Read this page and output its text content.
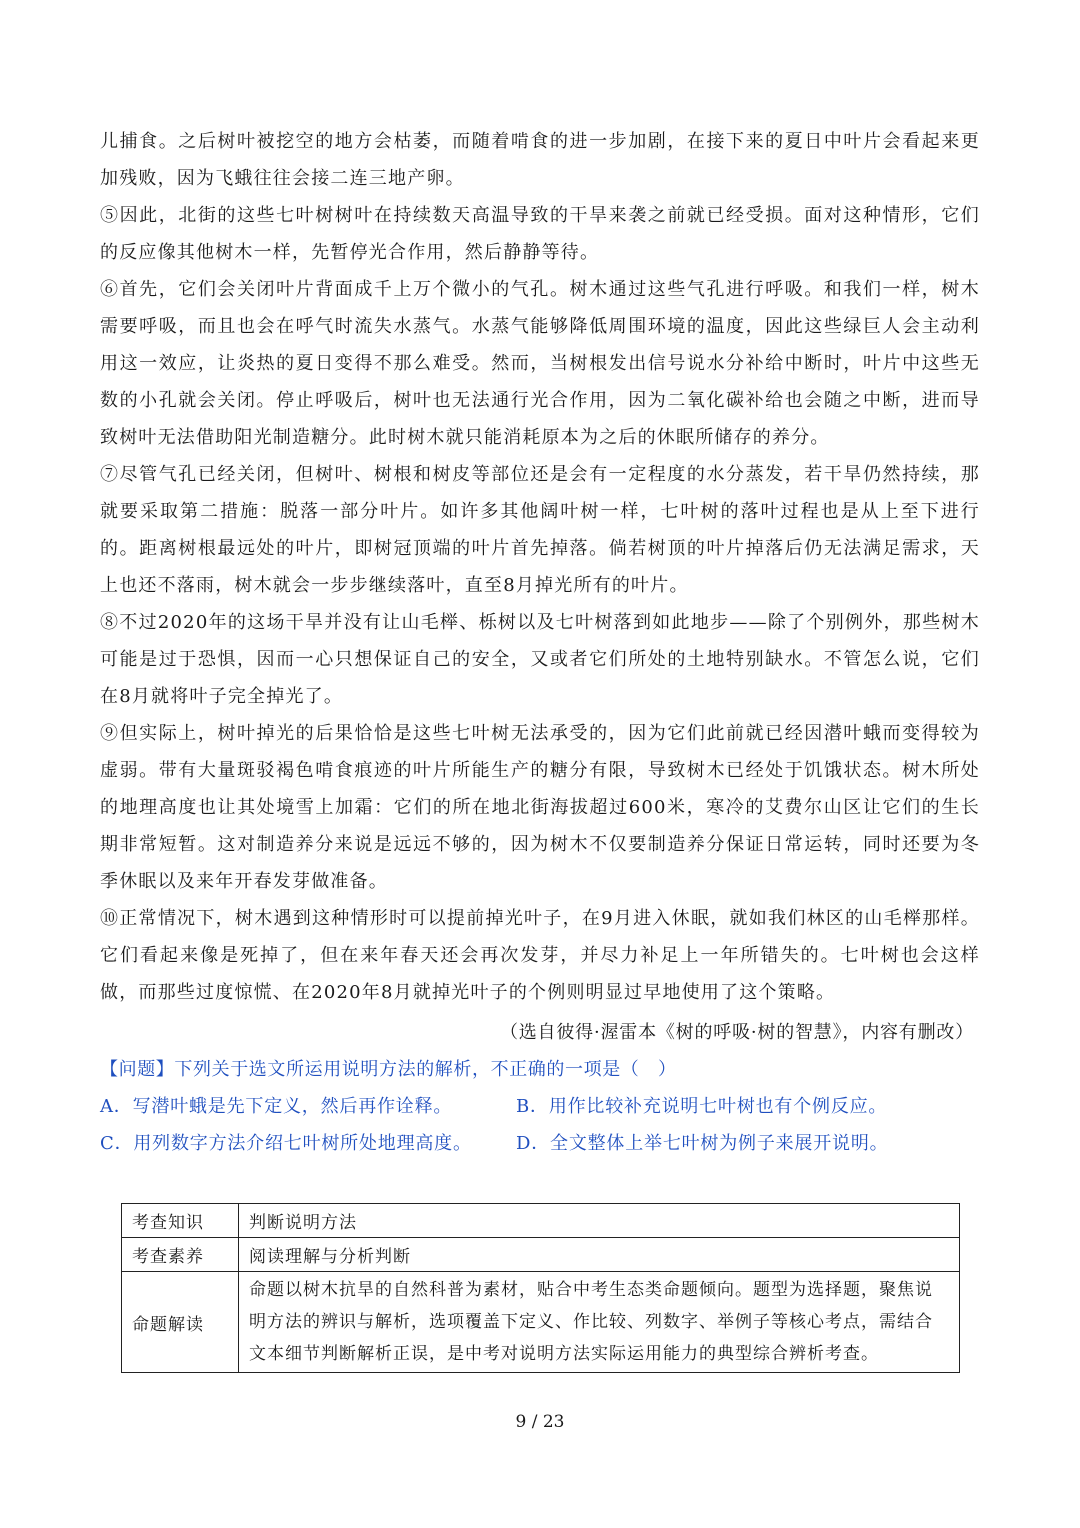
儿捕食。之后树叶被挖空的地方会枯萎，而随着啃食的进一步加剧，在接下来的夏日中叶片会看起来更加残败，因为飞蛾往往会接二连三地产卵。

⑤因此，北街的这些七叶树树叶在持续数天高温导致的干旱来袭之前就已经受损。面对这种情形，它们的反应像其他树木一样，先暂停光合作用，然后静静等待。

⑥首先，它们会关闭叶片背面成千上万个微小的气孔。树木通过这些气孔进行呼吸。和我们一样，树木需要呼吸，而且也会在呼气时流失水蒸气。水蒸气能够降低周围环境的温度，因此这些绿巨人会主动利用这一效应，让炎热的夏日变得不那么难受。然而，当树根发出信号说水分补给中断时，叶片中这些无数的小孔就会关闭。停止呼吸后，树叶也无法通行光合作用，因为二氧化碳补给也会随之中断，进而导致树叶无法借助阳光制造糖分。此时树木就只能消耗原本为之后的休眠所储存的养分。

⑦尽管气孔已经关闭，但树叶、树根和树皮等部位还是会有一定程度的水分蒸发，若干旱仍然持续，那就要采取第二措施：脱落一部分叶片。如许多其他阔叶树一样，七叶树的落叶过程也是从上至下进行的。距离树根最远处的叶片，即树冠顶端的叶片首先掉落。倘若树顶的叶片掉落后仍无法满足需求，天上也还不落雨，树木就会一步步继续落叶，直至8月掉光所有的叶片。

⑧不过2020年的这场干旱并没有让山毛榉、栎树以及七叶树落到如此地步——除了个别例外，那些树木可能是过于恐惧，因而一心只想保证自己的安全，又或者它们所处的土地特别缺水。不管怎么说，它们在8月就将叶子完全掉光了。

⑨但实际上，树叶掉光的后果恰恰是这些七叶树无法承受的，因为它们此前就已经因潜叶蛾而变得较为虚弱。带有大量斑驳褐色啃食痕迹的叶片所能生产的糖分有限，导致树木已经处于饥饿状态。树木所处的地理高度也让其处境雪上加霜：它们的所在地北街海拔超过600米，寒冷的艾费尔山区让它们的生长期非常短暂。这对制造养分来说是远远不够的，因为树木不仅要制造养分保证日常运转，同时还要为冬季休眠以及来年开春发芽做准备。

⑩正常情况下，树木遇到这种情形时可以提前掉光叶子，在9月进入休眠，就如我们林区的山毛榉那样。它们看起来像是死掉了，但在来年春天还会再次发芽，并尽力补足上一年所错失的。七叶树也会这样做，而那些过度惊慌、在2020年8月就掉光叶子的个例则明显过早地使用了这个策略。

（选自彼得·渥雷本《树的呼吸·树的智慧》，内容有删改）
【问题】下列关于选文所运用说明方法的解析，不正确的一项是（　）
A．写潜叶蛾是先下定义，然后再作诠释。	B．用作比较补充说明七叶树也有个例反应。
C．用列数字方法介绍七叶树所处地理高度。 D．全文整体上举七叶树为例子来展开说明。
考查知识	判断说明方法
考查素养	阅读理解与分析判断
命题解读	命题以树木抗旱的自然科普为素材，贴合中考生态类命题倾向。题型为选择题，聚焦说明方法的辨识与解析，选项覆盖下定义、作比较、列数字、举例子等核心考点，需结合文本细节判断解析正误，是中考对说明方法实际运用能力的典型综合辨析考查。
9 / 23
